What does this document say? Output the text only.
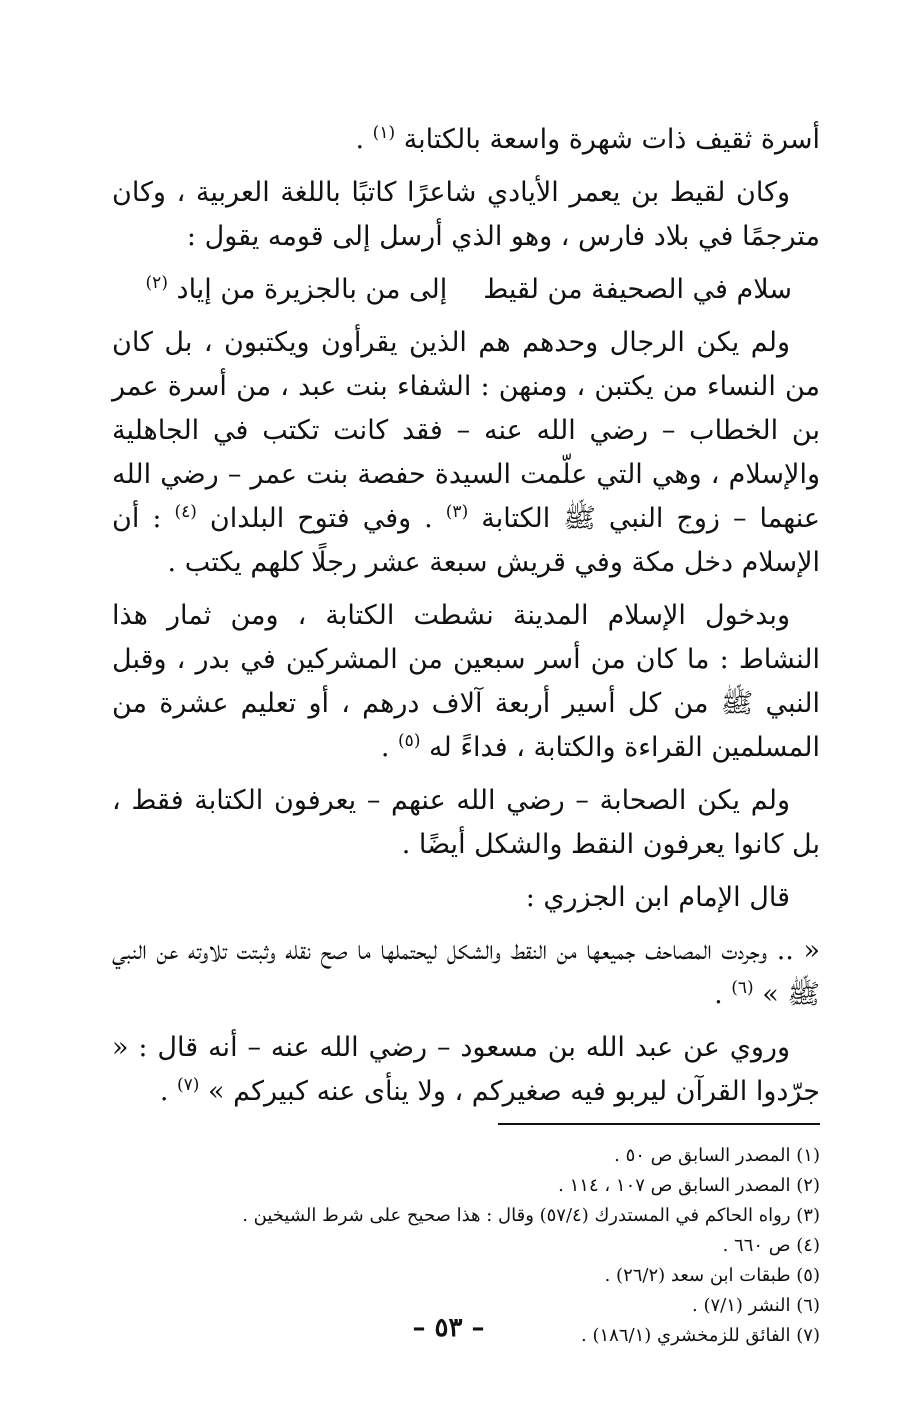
أسرة ثقيف ذات شهرة واسعة بالكتابة $^{(١)}$ .

وكان لقيط بن يعمر الأيادي شاعرًا كاتبًا باللغة العربية ، وكان مترجمًا في بلاد فارس ، وهو الذي أرسل إلى قومه يقول :

سلام في الصحيفة من لقيط
إلى من بالجزيرة من إياد $^{(٢)}$

ولم يكن الرجال وحدهم هم الذين يقرأون ويكتبون ، بل كان من النساء من يكتبن ، ومنهن : الشفاء بنت عبد ، من أسرة عمر بن الخطاب – رضي الله عنه – فقد كانت تكتب في الجاهلية والإسلام ، وهي التي علّمت السيدة حفصة بنت عمر – رضي الله عنهما – زوج النبي ﷺ الكتابة $^{(٣)}$ . وفي فتوح البلدان $^{(٤)}$ : أن الإسلام دخل مكة وفي قريش سبعة عشر رجلًا كلهم يكتب .

وبدخول الإسلام المدينة نشطت الكتابة ، ومن ثمار هذا النشاط : ما كان من أسر سبعين من المشركين في بدر ، وقبل النبي ﷺ من كل أسير أربعة آلاف درهم ، أو تعليم عشرة من المسلمين القراءة والكتابة ، فداءً له $^{(٥)}$ .

ولم يكن الصحابة – رضي الله عنهم – يعرفون الكتابة فقط ، بل كانوا يعرفون النقط والشكل أيضًا .

قال الإمام ابن الجزري :

« .. وجردت المصاحف جميعها من النقط والشكل ليحتملها ما صح نقله وثبتت تلاوته عن النبي ﷺ » $^{(٦)}$ .

وروي عن عبد الله بن مسعود – رضي الله عنه – أنه قال : « جرّدوا القرآن ليربو فيه صغيركم ، ولا ينأى عنه كبيركم » $^{(٧)}$ .

(١) المصدر السابق ص ٥٠ .
(٢) المصدر السابق ص ١٠٧ ، ١١٤ .
(٣) رواه الحاكم في المستدرك (٥٧/٤) وقال : هذا صحيح على شرط الشيخين .
(٤) ص ٦٦٠ .
(٥) طبقات ابن سعد (٢٦/٢) .
(٦) النشر (٧/١) .
(٧) الفائق للزمخشري (١٨٦/١) .
– ٥٣ –
